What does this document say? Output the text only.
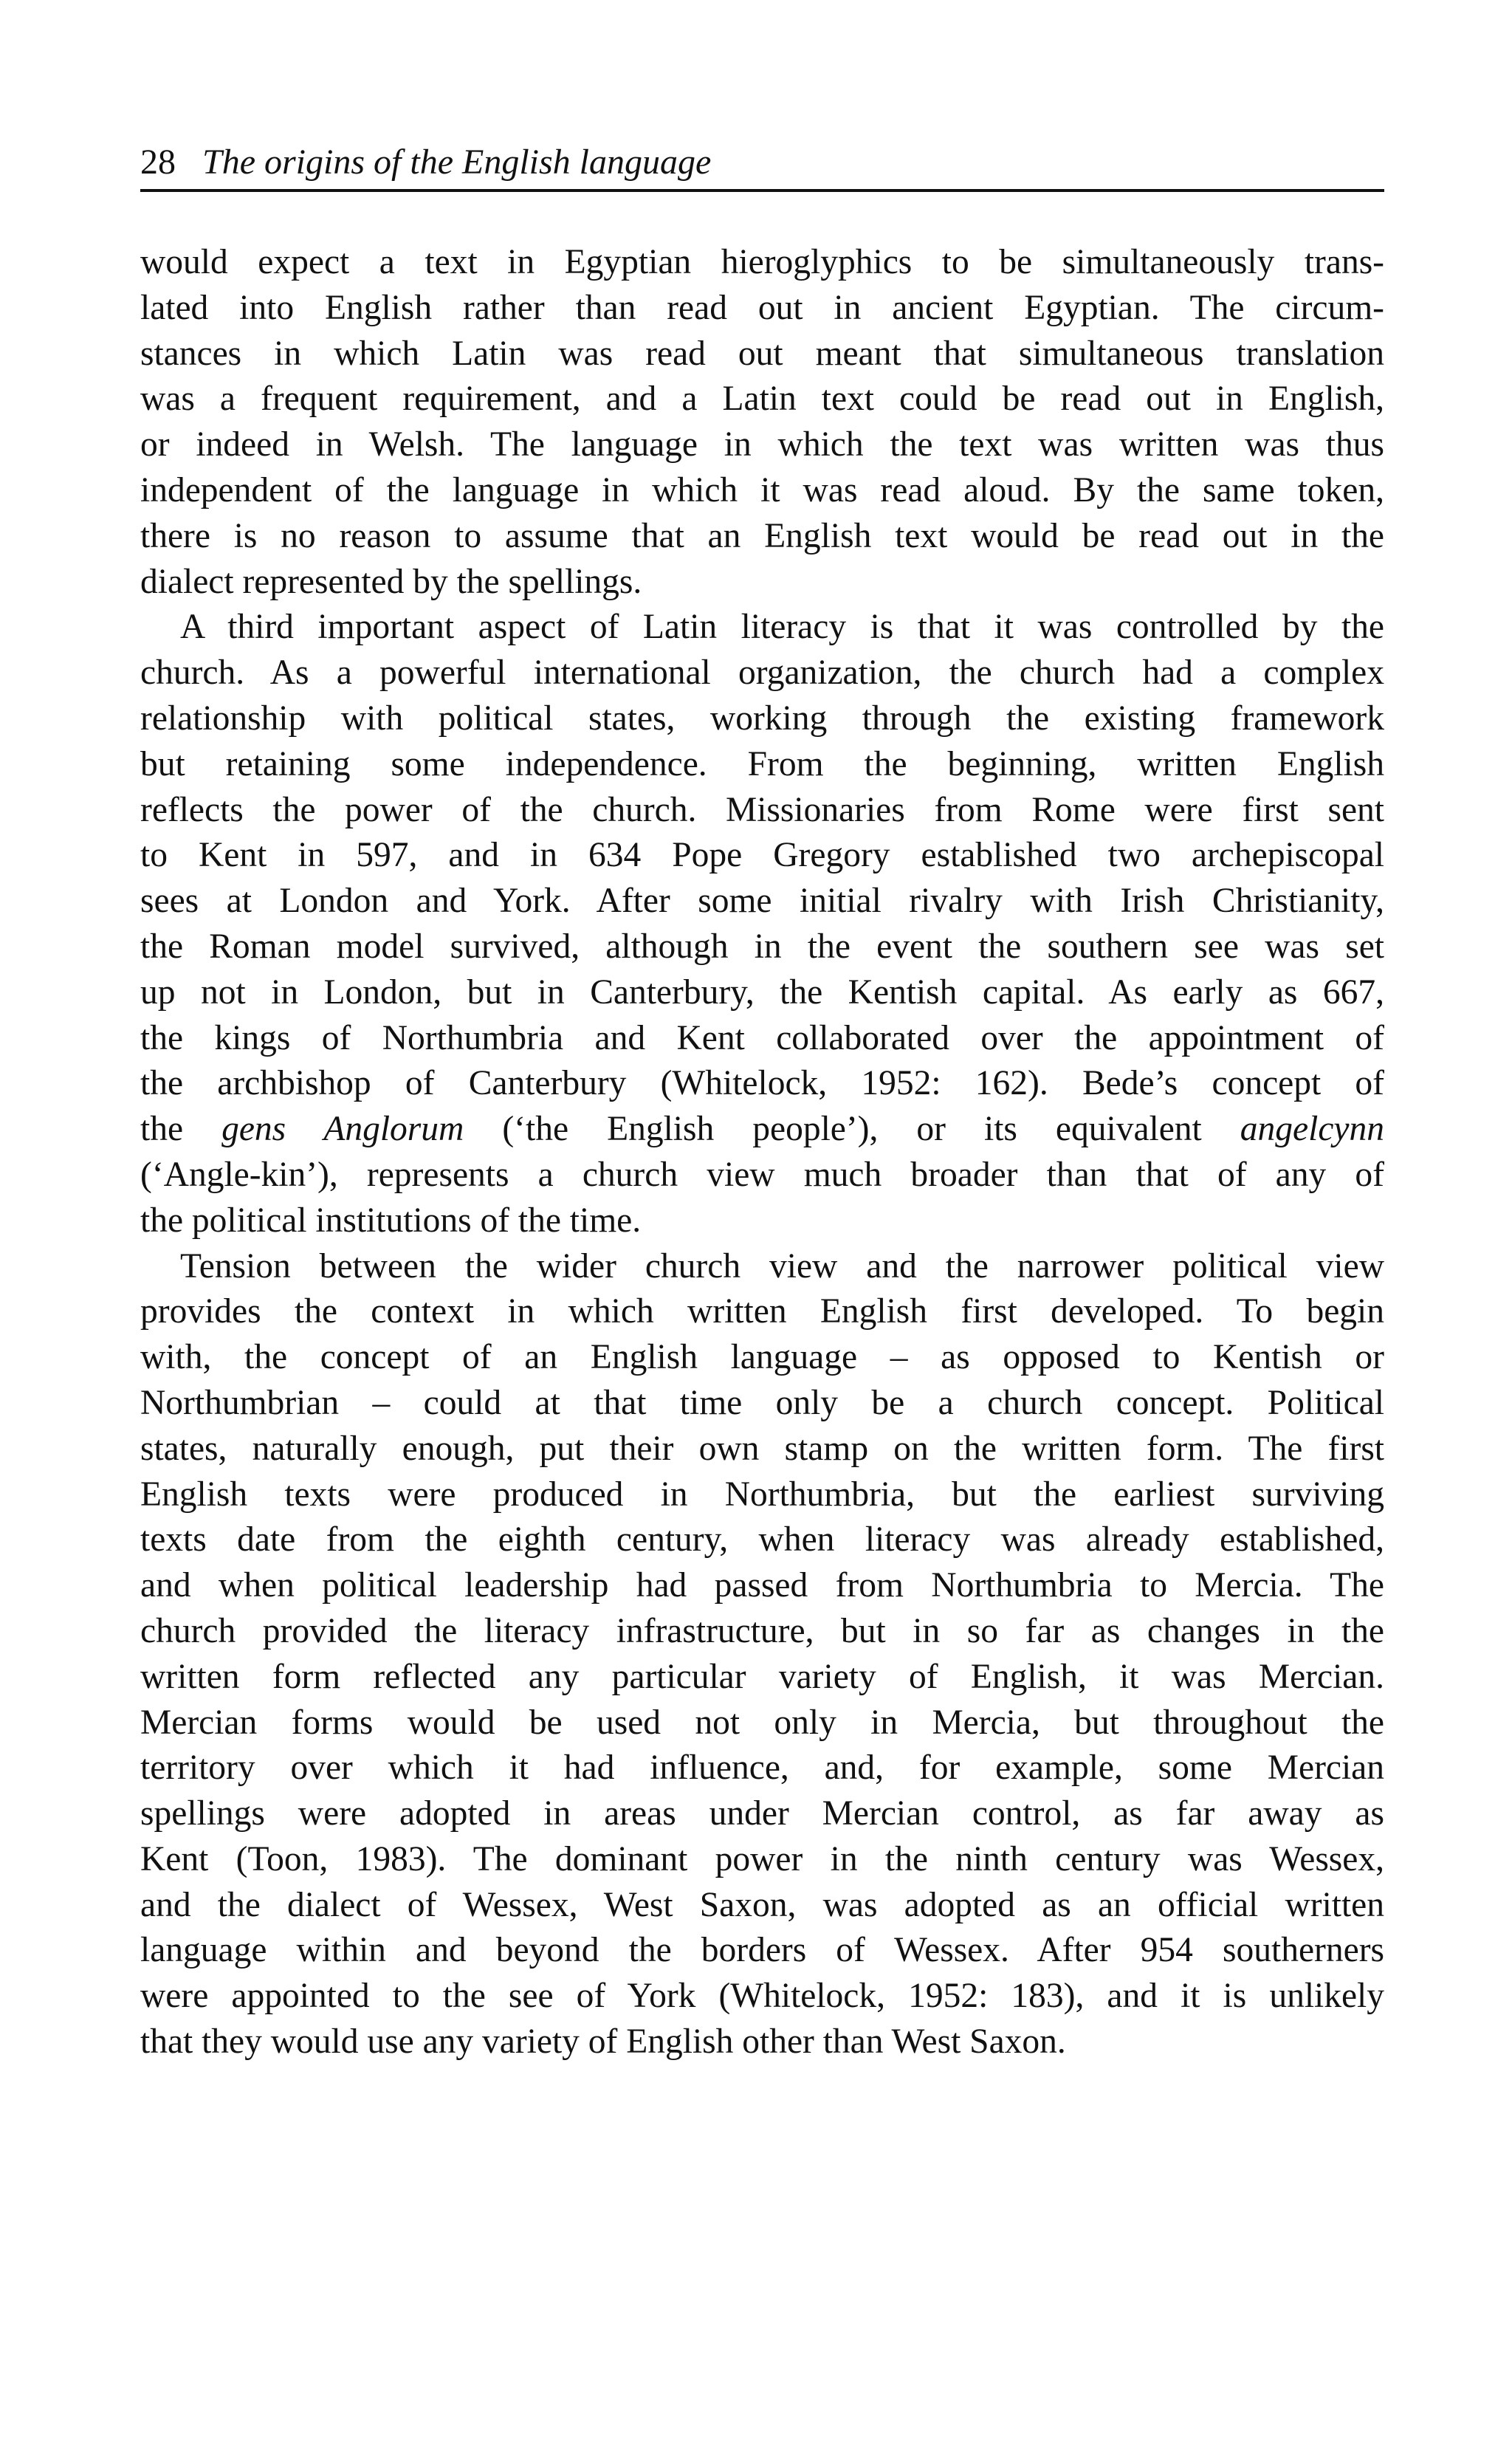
28 The origins of the English language
would expect a text in Egyptian hieroglyphics to be simultaneously trans-
lated into English rather than read out in ancient Egyptian. The circum-
stances in which Latin was read out meant that simultaneous translation
was a frequent requirement, and a Latin text could be read out in English,
or indeed in Welsh. The language in which the text was written was thus
independent of the language in which it was read aloud. By the same token,
there is no reason to assume that an English text would be read out in the
dialect represented by the spellings.
A third important aspect of Latin literacy is that it was controlled by the
church. As a powerful international organization, the church had a complex
relationship with political states, working through the existing framework
but retaining some independence. From the beginning, written English
reflects the power of the church. Missionaries from Rome were first sent
to Kent in 597, and in 634 Pope Gregory established two archepiscopal
sees at London and York. After some initial rivalry with Irish Christianity,
the Roman model survived, although in the event the southern see was set
up not in London, but in Canterbury, the Kentish capital. As early as 667,
the kings of Northumbria and Kent collaborated over the appointment of
the archbishop of Canterbury (Whitelock, 1952: 162). Bede’s concept of
the gens Anglorum (‘the English people’), or its equivalent angelcynn
(‘Angle-kin’), represents a church view much broader than that of any of
the political institutions of the time.
Tension between the wider church view and the narrower political view
provides the context in which written English first developed. To begin
with, the concept of an English language – as opposed to Kentish or
Northumbrian – could at that time only be a church concept. Political
states, naturally enough, put their own stamp on the written form. The first
English texts were produced in Northumbria, but the earliest surviving
texts date from the eighth century, when literacy was already established,
and when political leadership had passed from Northumbria to Mercia. The
church provided the literacy infrastructure, but in so far as changes in the
written form reflected any particular variety of English, it was Mercian.
Mercian forms would be used not only in Mercia, but throughout the
territory over which it had influence, and, for example, some Mercian
spellings were adopted in areas under Mercian control, as far away as
Kent (Toon, 1983). The dominant power in the ninth century was Wessex,
and the dialect of Wessex, West Saxon, was adopted as an official written
language within and beyond the borders of Wessex. After 954 southerners
were appointed to the see of York (Whitelock, 1952: 183), and it is unlikely
that they would use any variety of English other than West Saxon.
